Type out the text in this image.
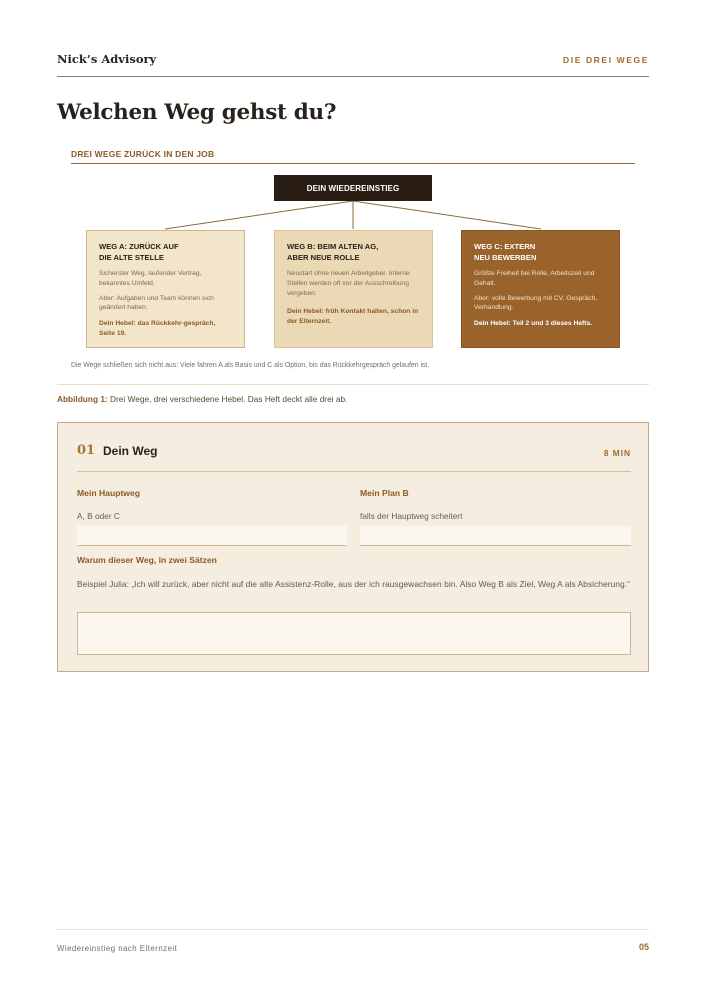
Nick’s Advisory	DIE DREI WEGE
Welchen Weg gehst du?
DREI WEGE ZURÜCK IN DEN JOB
DEIN WIEDEREINSTIEG
WEG A: ZURÜCK AUF
DIE ALTE STELLE
Sicherster Weg, laufender Vertrag, bekanntes Umfeld.
Aber: Aufgaben und Team können sich geändert haben.
Dein Hebel: das Rückkehr-gespräch, Seite 19.
WEG B: BEIM ALTEN AG,
ABER NEUE ROLLE
Neustart ohne neuen Arbeitgeber. Interne Stellen werden oft vor der Ausschreibung vergeben.
Dein Hebel: früh Kontakt halten, schon in der Elternzeit.
WEG C: EXTERN
NEU BEWERBEN
Größte Freiheit bei Rolle, Arbeitszeit und Gehalt.
Aber: volle Bewerbung mit CV, Gespräch, Verhandlung.
Dein Hebel: Teil 2 und 3 dieses Hefts.
Die Wege schließen sich nicht aus: Viele fahren A als Basis und C als Option, bis das Rückkehrgespräch gelaufen ist.
Abbildung 1: Drei Wege, drei verschiedene Hebel. Das Heft deckt alle drei ab.
01 Dein Weg	8 MIN
Mein Hauptweg
A, B oder C
Mein Plan B
falls der Hauptweg scheitert
Warum dieser Weg, in zwei Sätzen
Beispiel Julia: „Ich will zurück, aber nicht auf die alte Assistenz-Rolle, aus der ich rausgewachsen bin. Also Weg B als Ziel, Weg A als Absicherung.“
Wiedereinstieg nach Elternzeit	05
